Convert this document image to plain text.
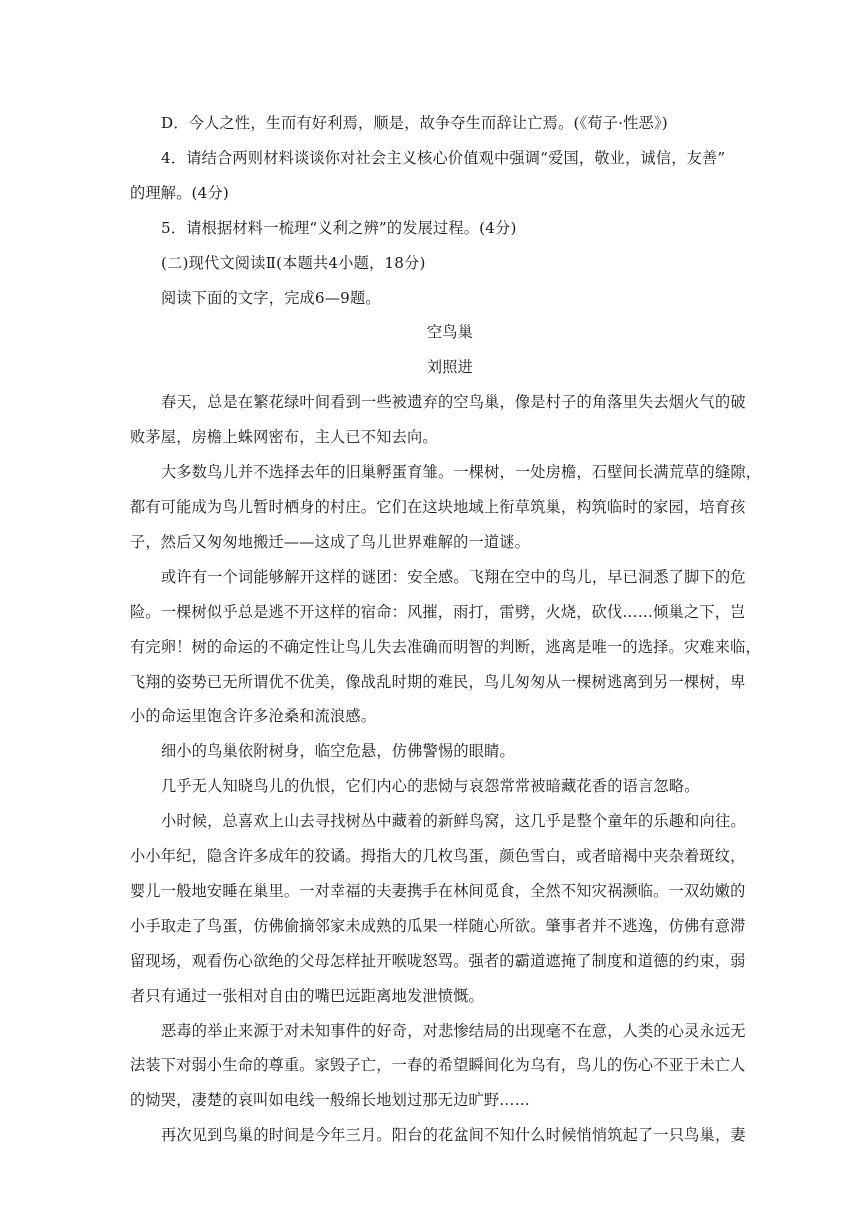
D．今人之性，生而有好利焉，顺是，故争夺生而辞让亡焉。(《荀子·性恶》)

4．请结合两则材料谈谈你对社会主义核心价值观中强调“爱国，敬业，诚信，友善”

的理解。(4分)

5．请根据材料一梳理“义利之辨”的发展过程。(4分)

(二)现代文阅读Ⅱ(本题共4小题，18分)

阅读下面的文字，完成6—9题。

空鸟巢

刘照进

春天，总是在繁花绿叶间看到一些被遗弃的空鸟巢，像是村子的角落里失去烟火气的破

败茅屋，房檐上蛛网密布，主人已不知去向。

大多数鸟儿并不选择去年的旧巢孵蛋育雏。一棵树，一处房檐，石壁间长满荒草的缝隙，

都有可能成为鸟儿暂时栖身的村庄。它们在这块地域上衔草筑巢，构筑临时的家园，培育孩

子，然后又匆匆地搬迁——这成了鸟儿世界难解的一道谜。

或许有一个词能够解开这样的谜团：安全感。飞翔在空中的鸟儿，早已洞悉了脚下的危

险。一棵树似乎总是逃不开这样的宿命：风摧，雨打，雷劈，火烧，砍伐……倾巢之下，岂

有完卵！树的命运的不确定性让鸟儿失去准确而明智的判断，逃离是唯一的选择。灾难来临，

飞翔的姿势已无所谓优不优美，像战乱时期的难民，鸟儿匆匆从一棵树逃离到另一棵树，卑

小的命运里饱含许多沧桑和流浪感。

细小的鸟巢依附树身，临空危悬，仿佛警惕的眼睛。

几乎无人知晓鸟儿的仇恨，它们内心的悲恸与哀怨常常被暗藏花香的语言忽略。

小时候，总喜欢上山去寻找树丛中藏着的新鲜鸟窝，这几乎是整个童年的乐趣和向往。

小小年纪，隐含许多成年的狡谲。拇指大的几枚鸟蛋，颜色雪白，或者暗褐中夹杂着斑纹，

婴儿一般地安睡在巢里。一对幸福的夫妻携手在林间觅食，全然不知灾祸濒临。一双幼嫩的

小手取走了鸟蛋，仿佛偷摘邻家未成熟的瓜果一样随心所欲。肇事者并不逃逸，仿佛有意滞

留现场，观看伤心欲绝的父母怎样扯开喉咙怒骂。强者的霸道遮掩了制度和道德的约束，弱

者只有通过一张相对自由的嘴巴远距离地发泄愤慨。

恶毒的举止来源于对未知事件的好奇，对悲惨结局的出现毫不在意，人类的心灵永远无

法装下对弱小生命的尊重。家毁子亡，一春的希望瞬间化为乌有，鸟儿的伤心不亚于未亡人

的恸哭，凄楚的哀叫如电线一般绵长地划过那无边旷野……

再次见到鸟巢的时间是今年三月。阳台的花盆间不知什么时候悄悄筑起了一只鸟巢，妻
